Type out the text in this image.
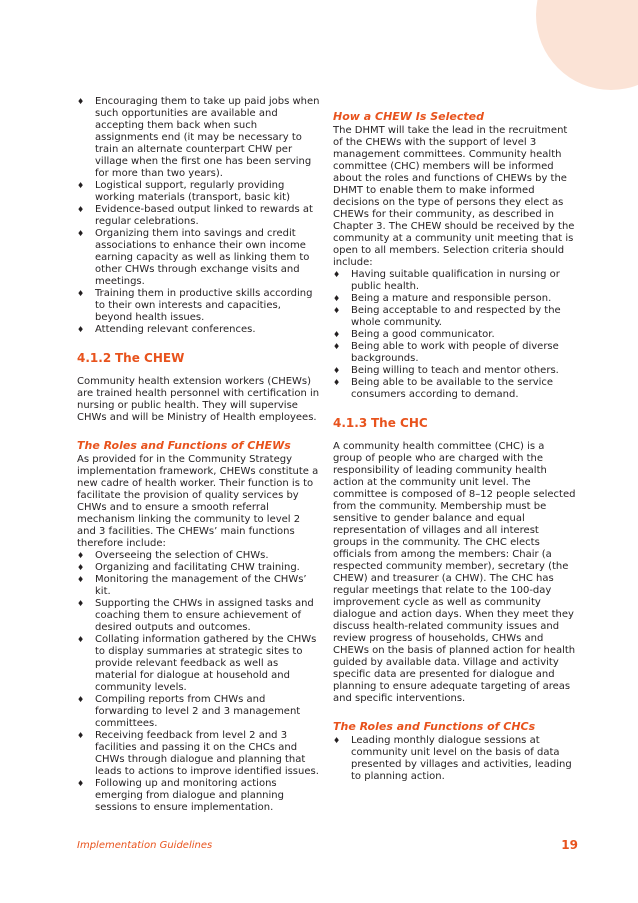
♦ Encouraging them to take up paid jobs when such opportunities are available and accepting them back when such assignments end (it may be necessary to train an alternate counterpart CHW per village when the first one has been serving for more than two years).
♦ Logistical support, regularly providing working materials (transport, basic kit)
♦ Evidence-based output linked to rewards at regular celebrations.
♦ Organizing them into savings and credit associations to enhance their own income earning capacity as well as linking them to other CHWs through exchange visits and meetings.
♦ Training them in productive skills according to their own interests and capacities, beyond health issues.
♦ Attending relevant conferences.
4.1.2 The CHEW

Community health extension workers (CHEWs) are trained health personnel with certification in nursing or public health. They will supervise CHWs and will be Ministry of Health employees.

The Roles and Functions of CHEWs

As provided for in the Community Strategy implementation framework, CHEWs constitute a new cadre of health worker. Their function is to facilitate the provision of quality services by CHWs and to ensure a smooth referral mechanism linking the community to level 2 and 3 facilities. The CHEWs’ main functions therefore include:

♦ Overseeing the selection of CHWs.
♦ Organizing and facilitating CHW training.
♦ Monitoring the management of the CHWs’ kit.
♦ Supporting the CHWs in assigned tasks and coaching them to ensure achievement of desired outputs and outcomes.
♦ Collating information gathered by the CHWs to display summaries at strategic sites to provide relevant feedback as well as material for dialogue at household and community levels.
♦ Compiling reports from CHWs and forwarding to level 2 and 3 management committees.
♦ Receiving feedback from level 2 and 3 facilities and passing it on the CHCs and CHWs through dialogue and planning that leads to actions to improve identified issues.
♦ Following up and monitoring actions emerging from dialogue and planning sessions to ensure implementation.
How a CHEW Is Selected

The DHMT will take the lead in the recruitment of the CHEWs with the support of level 3 management committees. Community health committee (CHC) members will be informed about the roles and functions of CHEWs by the DHMT to enable them to make informed decisions on the type of persons they elect as CHEWs for their community, as described in Chapter 3. The CHEW should be received by the community at a community unit meeting that is open to all members. Selection criteria should include:

♦ Having suitable qualification in nursing or public health.
♦ Being a mature and responsible person.
♦ Being acceptable to and respected by the whole community.
♦ Being a good communicator.
♦ Being able to work with people of diverse backgrounds.
♦ Being willing to teach and mentor others.
♦ Being able to be available to the service consumers according to demand.
4.1.3 The CHC

A community health committee (CHC) is a group of people who are charged with the responsibility of leading community health action at the community unit level. The committee is composed of 8–12 people selected from the community. Membership must be sensitive to gender balance and equal representation of villages and all interest groups in the community. The CHC elects officials from among the members: Chair (a respected community member), secretary (the CHEW) and treasurer (a CHW). The CHC has regular meetings that relate to the 100-day improvement cycle as well as community dialogue and action days. When they meet they discuss health-related community issues and review progress of households, CHWs and CHEWs on the basis of planned action for health guided by available data. Village and activity specific data are presented for dialogue and planning to ensure adequate targeting of areas and specific interventions.

The Roles and Functions of CHCs
♦ Leading monthly dialogue sessions at community unit level on the basis of data presented by villages and activities, leading to planning action.
Implementation Guidelines	19
